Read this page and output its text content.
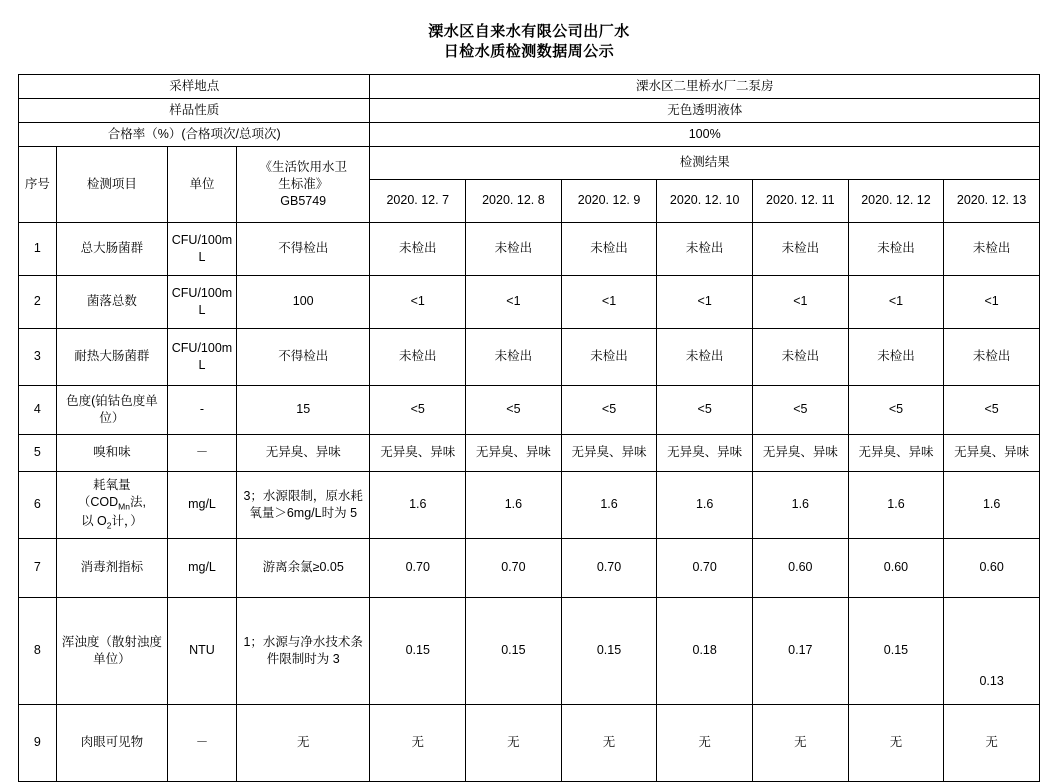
溧水区自来水有限公司出厂水
日检水质检测数据周公示
采样地点				溧水区二里桥水厂二泵房						
样品性质				无色透明液体						
合格率（%）(合格项次/总项次)				100%						
序号	检测项目	单位	《生活饮用水卫
生标准》
GB5749	检测结果						
				2020. 12. 7	2020. 12. 8	2020. 12. 9	2020. 12. 10	2020. 12. 11	2020. 12. 12	2020. 12. 13
1	总大肠菌群	CFU/100mL	不得检出	未检出	未检出	未检出	未检出	未检出	未检出	未检出
2	菌落总数	CFU/100mL	100	<1	<1	<1	<1	<1	<1	<1
3	耐热大肠菌群	CFU/100mL	不得检出	未检出	未检出	未检出	未检出	未检出	未检出	未检出
4	色度(铂钴色度单位）	-	15	<5	<5	<5	<5	<5	<5	<5
5	嗅和味	－	无异臭、异味	无异臭、异味	无异臭、异味	无异臭、异味	无异臭、异味	无异臭、异味	无异臭、异味	无异臭、异味
6	耗氧量
（$COD_{Mn}$法,
以 $O_2$计，）	mg/L	3；水源限制，原水耗氧量＞6mg/L时为 5	1.6	1.6	1.6	1.6	1.6	1.6	1.6
7	消毒剂指标	mg/L	游离余氯≥0.05	0.70	0.70	0.70	0.70	0.60	0.60	0.60
8	浑浊度（散射浊度单位）	NTU	1；水源与净水技术条件限制时为 3	0.15	0.15	0.15	0.18	0.17	0.15	0.13
9	肉眼可见物	－	无	无	无	无	无	无	无	无
